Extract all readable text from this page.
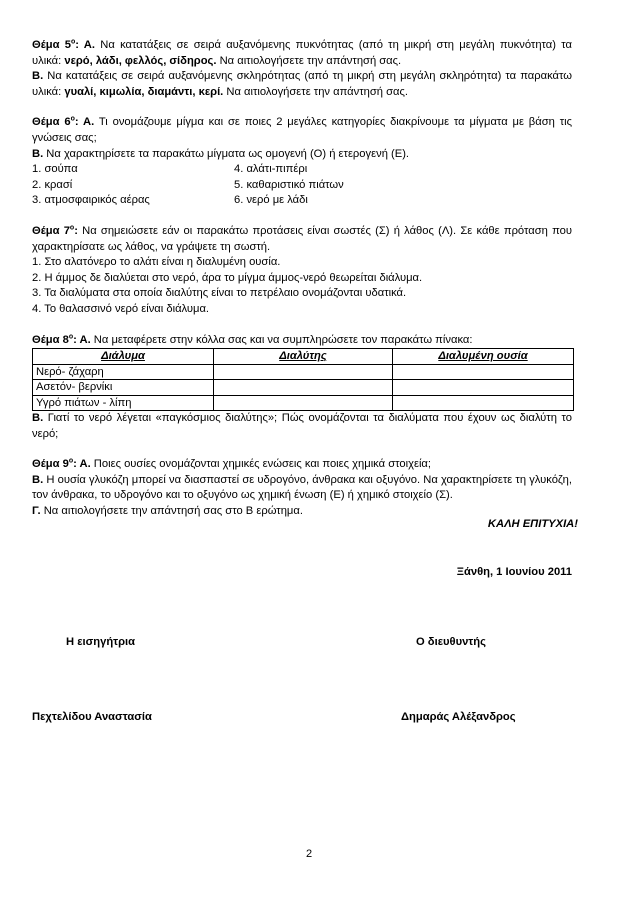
Θέμα $5^o$: Α. Να κατατάξεις σε σειρά αυξανόμενης πυκνότητας (από τη μικρή στη μεγάλη πυκνότητα) τα υλικά: νερό, λάδι, φελλός, σίδηρος. Να αιτιολογήσετε την απάντησή σας.

Β. Να κατατάξεις σε σειρά αυξανόμενης σκληρότητας (από τη μικρή στη μεγάλη σκληρότητα) τα παρακάτω υλικά: γυαλί, κιμωλία, διαμάντι, κερί. Να αιτιολογήσετε την απάντησή σας.

Θέμα $6^o$: Α. Τι ονομάζουμε μίγμα και σε ποιες 2 μεγάλες κατηγορίες διακρίνουμε τα μίγματα με βάση τις γνώσεις σας;

Β. Να χαρακτηρίσετε τα παρακάτω μίγματα ως ομογενή (Ο) ή ετερογενή (Ε).

1. σούπα	4. αλάτι-πιπέρι
2. κρασί	5. καθαριστικό πιάτων
3. ατμοσφαιρικός αέρας	6. νερό με λάδι

Θέμα $7^o$: Να σημειώσετε εάν οι παρακάτω προτάσεις είναι σωστές (Σ) ή λάθος (Λ). Σε κάθε πρόταση που χαρακτηρίσατε ως λάθος, να γράψετε τη σωστή.

1. Στο αλατόνερο το αλάτι είναι η διαλυμένη ουσία.

2. Η άμμος δε διαλύεται στο νερό, άρα το μίγμα άμμος-νερό θεωρείται διάλυμα.

3. Τα διαλύματα στα οποία διαλύτης είναι το πετρέλαιο ονομάζονται υδατικά.

4. Το θαλασσινό νερό είναι διάλυμα.

Θέμα $8^o$: Α. Να μεταφέρετε στην κόλλα σας και να συμπληρώσετε τον παρακάτω πίνακα:

Διάλυμα	Διαλύτης	Διαλυμένη ουσία
Νερό- ζάχαρη		
Ασετόν- βερνίκι		
Υγρό πιάτων - λίπη		

Β. Γιατί το νερό λέγεται «παγκόσμιος διαλύτης»; Πώς ονομάζονται τα διαλύματα που έχουν ως διαλύτη το νερό;

Θέμα $9^o$: Α. Ποιες ουσίες ονομάζονται χημικές ενώσεις και ποιες χημικά στοιχεία;

Β. Η ουσία γλυκόζη μπορεί να διασπαστεί σε υδρογόνο, άνθρακα και οξυγόνο. Να χαρακτηρίσετε τη γλυκόζη, τον άνθρακα, το υδρογόνο και το οξυγόνο ως χημική ένωση (Ε) ή χημικό στοιχείο (Σ).

Γ. Να αιτιολογήσετε την απάντησή σας στο Β ερώτημα.

ΚΑΛΗ ΕΠΙΤΥΧΙΑ!
Ξάνθη, 1 Ιουνίου 2011
Η εισηγήτρια	Ο διευθυντής
Πεχτελίδου Αναστασία	Δημαράς Αλέξανδρος
2
